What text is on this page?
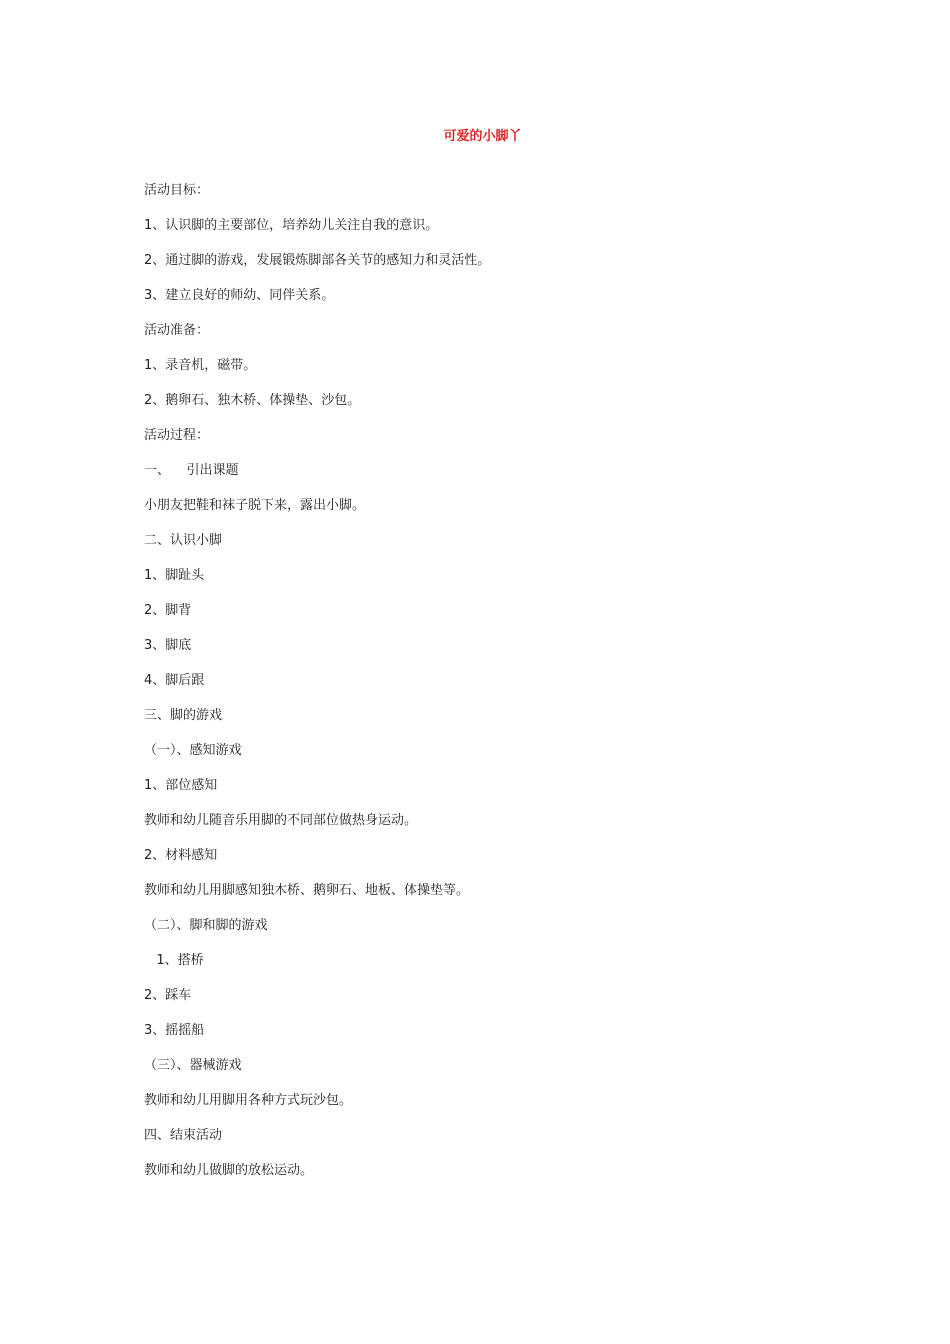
可爱的小脚丫
活动目标：
1、认识脚的主要部位，培养幼儿关注自我的意识。
2、通过脚的游戏，发展锻炼脚部各关节的感知力和灵活性。
3、建立良好的师幼、同伴关系。
活动准备：
1、录音机，磁带。
2、鹅卵石、独木桥、体操垫、沙包。
活动过程：
一、    引出课题
小朋友把鞋和袜子脱下来，露出小脚。
二、认识小脚
1、脚趾头
2、脚背
3、脚底
4、脚后跟
三、脚的游戏
（一）、感知游戏
1、部位感知
教师和幼儿随音乐用脚的不同部位做热身运动。
2、材料感知
教师和幼儿用脚感知独木桥、鹅卵石、地板、体操垫等。
（二）、脚和脚的游戏
1、搭桥
2、踩车
3、摇摇船
（三）、器械游戏
教师和幼儿用脚用各种方式玩沙包。
四、结束活动
教师和幼儿做脚的放松运动。
